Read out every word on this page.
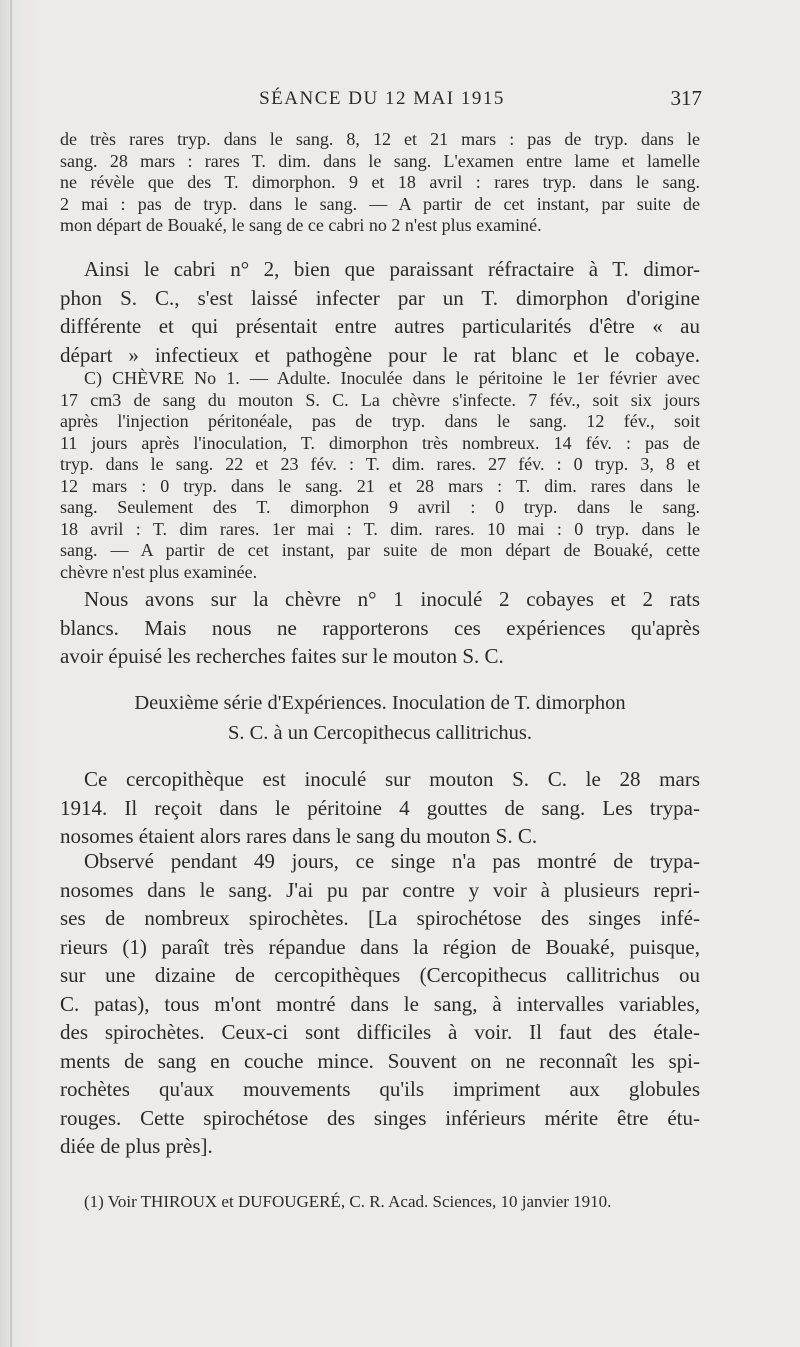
SÉANCE DU 12 MAI 1915	317
de très rares tryp. dans le sang. 8, 12 et 21 mars : pas de tryp. dans le
sang. 28 mars : rares T. dim. dans le sang. L'examen entre lame et lamelle
ne révèle que des T. dimorphon. 9 et 18 avril : rares tryp. dans le sang.
2 mai : pas de tryp. dans le sang. — A partir de cet instant, par suite de
mon départ de Bouaké, le sang de ce cabri no 2 n'est plus examiné.
Ainsi le cabri n° 2, bien que paraissant réfractaire à T. dimor-
phon S. C., s'est laissé infecter par un T. dimorphon d'origine
différente et qui présentait entre autres particularités d'être « au
départ » infectieux et pathogène pour le rat blanc et le cobaye.
C) CHÈVRE No 1. — Adulte. Inoculée dans le péritoine le 1er février avec
17 cm3 de sang du mouton S. C. La chèvre s'infecte. 7 fév., soit six jours
après l'injection péritonéale, pas de tryp. dans le sang. 12 fév., soit
11 jours après l'inoculation, T. dimorphon très nombreux. 14 fév. : pas de
tryp. dans le sang. 22 et 23 fév. : T. dim. rares. 27 fév. : 0 tryp. 3, 8 et
12 mars : 0 tryp. dans le sang. 21 et 28 mars : T. dim. rares dans le
sang. Seulement des T. dimorphon 9 avril : 0 tryp. dans le sang.
18 avril : T. dim rares. 1er mai : T. dim. rares. 10 mai : 0 tryp. dans le
sang. — A partir de cet instant, par suite de mon départ de Bouaké, cette
chèvre n'est plus examinée.
Nous avons sur la chèvre n° 1 inoculé 2 cobayes et 2 rats
blancs. Mais nous ne rapporterons ces expériences qu'après
avoir épuisé les recherches faites sur le mouton S. C.
Deuxième série d'Expériences. Inoculation de T. dimorphon
S. C. à un Cercopithecus callitrichus.
Ce cercopithèque est inoculé sur mouton S. C. le 28 mars
1914. Il reçoit dans le péritoine 4 gouttes de sang. Les trypa-
nosomes étaient alors rares dans le sang du mouton S. C.
Observé pendant 49 jours, ce singe n'a pas montré de trypa-
nosomes dans le sang. J'ai pu par contre y voir à plusieurs repri-
ses de nombreux spirochètes. [La spirochétose des singes infé-
rieurs (1) paraît très répandue dans la région de Bouaké, puisque,
sur une dizaine de cercopithèques (Cercopithecus callitrichus ou
C. patas), tous m'ont montré dans le sang, à intervalles variables,
des spirochètes. Ceux-ci sont difficiles à voir. Il faut des étale-
ments de sang en couche mince. Souvent on ne reconnaît les spi-
rochètes qu'aux mouvements qu'ils impriment aux globules
rouges. Cette spirochétose des singes inférieurs mérite être étu-
diée de plus près].
(1) Voir THIROUX et DUFOUGERÉ, C. R. Acad. Sciences, 10 janvier 1910.
